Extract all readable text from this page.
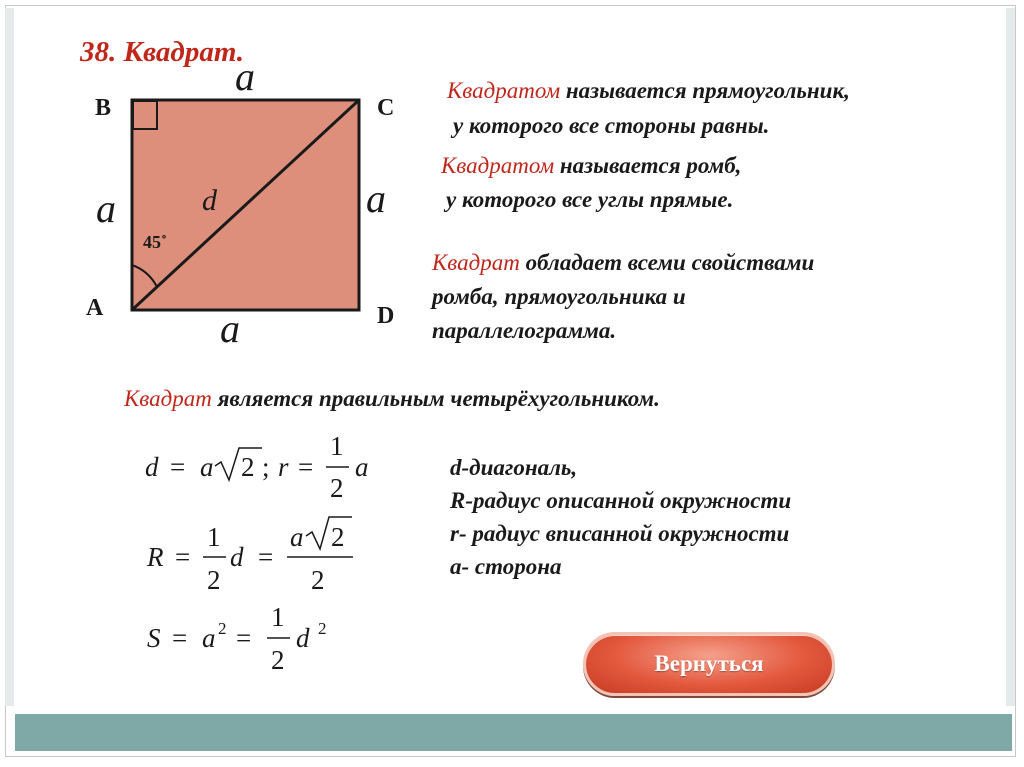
38. Квадрат.
B	C
A	D
a
a
a	a
d
45˚
Квадратом называется прямоугольник,
у которого все стороны равны.
Квадратом называется ромб,
у которого все углы прямые.
Квадрат обладает всеми свойствами
ромба, прямоугольника и
параллелограмма.
Квадрат является правильным четырёхугольником.
d = a 2 ; r =
1
2
a
R =
1
2
d =
a 2
2
S = a 2 =
1
2
d 2
d-диагональ,
R-радиус описанной окружности
r- радиус вписанной окружности
а- сторона
Вернуться
